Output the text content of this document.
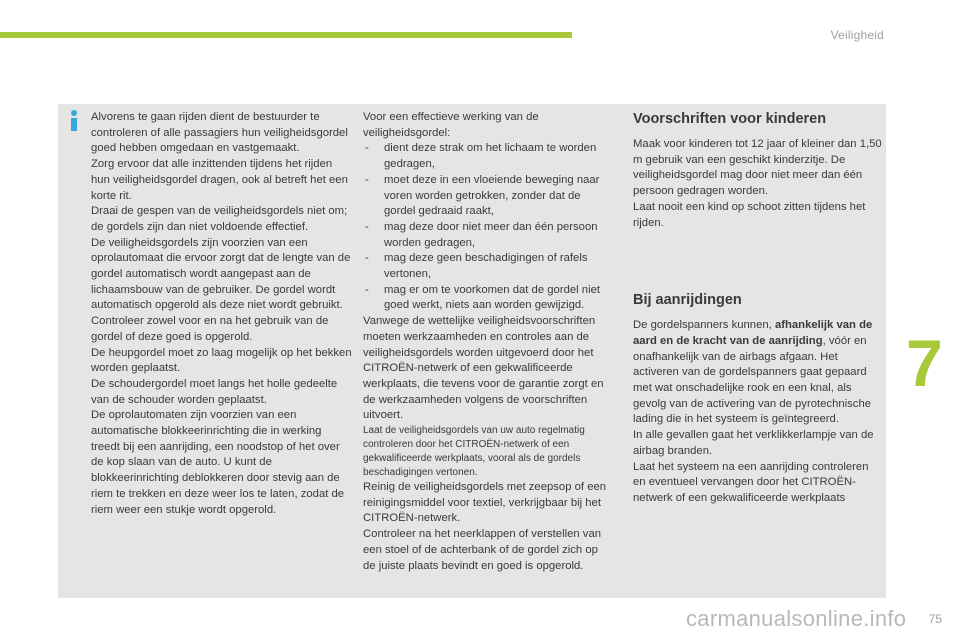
Veiligheid

Alvorens te gaan rijden dient de bestuurder te controleren of alle passagiers hun veiligheidsgordel goed hebben omgedaan en vastgemaakt.

Zorg ervoor dat alle inzittenden tijdens het rijden hun veiligheidsgordel dragen, ook al betreft het een korte rit.

Draai de gespen van de veiligheidsgordels niet om; de gordels zijn dan niet voldoende effectief.

De veiligheidsgordels zijn voorzien van een oprolautomaat die ervoor zorgt dat de lengte van de gordel automatisch wordt aangepast aan de lichaamsbouw van de gebruiker. De gordel wordt automatisch opgerold als deze niet wordt gebruikt.

Controleer zowel voor en na het gebruik van de gordel of deze goed is opgerold.

De heupgordel moet zo laag mogelijk op het bekken worden geplaatst.

De schoudergordel moet langs het holle gedeelte van de schouder worden geplaatst.

De oprolautomaten zijn voorzien van een automatische blokkeerinrichting die in werking treedt bij een aanrijding, een noodstop of het over de kop slaan van de auto. U kunt de blokkeerinrichting deblokkeren door stevig aan de riem te trekken en deze weer los te laten, zodat de riem weer een stukje wordt opgerold.

Voor een effectieve werking van de veiligheidsgordel:

- dient deze strak om het lichaam te worden gedragen,
- moet deze in een vloeiende beweging naar voren worden getrokken, zonder dat de gordel gedraaid raakt,
- mag deze door niet meer dan één persoon worden gedragen,
- mag deze geen beschadigingen of rafels vertonen,
- mag er om te voorkomen dat de gordel niet goed werkt, niets aan worden gewijzigd.

Vanwege de wettelijke veiligheidsvoorschriften moeten werkzaamheden en controles aan de veiligheidsgordels worden uitgevoerd door het CITROËN-netwerk of een gekwalificeerde werkplaats, die tevens voor de garantie zorgt en de werkzaamheden volgens de voorschriften uitvoert.

Laat de veiligheidsgordels van uw auto regelmatig controleren door het CITROËN-netwerk of een gekwalificeerde werkplaats, vooral als de gordels beschadigingen vertonen.

Reinig de veiligheidsgordels met zeepsop of een reinigingsmiddel voor textiel, verkrijgbaar bij het CITROËN-netwerk.

Controleer na het neerklappen of verstellen van een stoel of de achterbank of de gordel zich op de juiste plaats bevindt en goed is opgerold.

Voorschriften voor kinderen

Maak voor kinderen tot 12 jaar of kleiner dan 1,50 m gebruik van een geschikt kinderzitje. De veiligheidsgordel mag door niet meer dan één persoon gedragen worden.

Laat nooit een kind op schoot zitten tijdens het rijden.

Bij aanrijdingen

De gordelspanners kunnen, afhankelijk van de aard en de kracht van de aanrijding, vóór en onafhankelijk van de airbags afgaan. Het activeren van de gordelspanners gaat gepaard met wat onschadelijke rook en een knal, als gevolg van de activering van de pyrotechnische lading die in het systeem is geïntegreerd.

In alle gevallen gaat het verklikkerlampje van de airbag branden.

Laat het systeem na een aanrijding controleren en eventueel vervangen door het CITROËN-netwerk of een gekwalificeerde werkplaats

7
carmanualsonline.info 75
